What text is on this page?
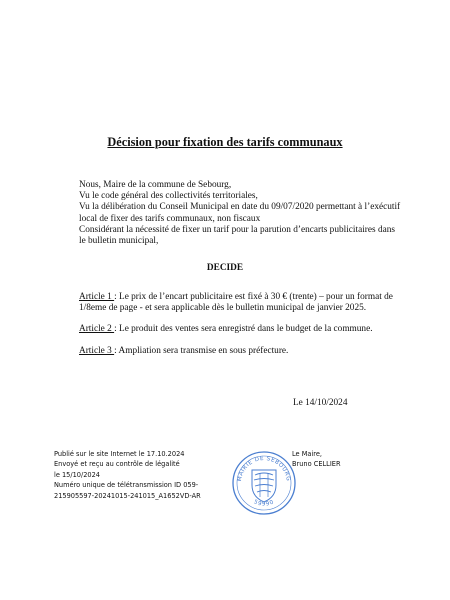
Décision pour fixation des tarifs communaux
Nous, Maire de la commune de Sebourg,
Vu le code général des collectivités territoriales,
Vu la délibération du Conseil Municipal en date du 09/07/2020 permettant à l’exécutif
local de fixer des tarifs communaux, non fiscaux
Considérant la nécessité de fixer un tarif pour la parution d’encarts publicitaires dans
le bulletin municipal,
DECIDE
Article 1 : Le prix de l’encart publicitaire est fixé à 30 € (trente) – pour un format de
1/8eme de page - et sera applicable dès le bulletin municipal de janvier 2025.
Article 2 : Le produit des ventes sera enregistré dans le budget de la commune.
Article 3 : Ampliation sera transmise en sous préfecture.
Le 14/10/2024
Publié sur le site Internet le 17.10.2024
Envoyé et reçu au contrôle de légalité
le 15/10/2024
Numéro unique de télétransmission ID 059-
215905597-20241015-241015_A1652VD-AR
MAIRIE DE SEBOURG
59990
Le Maire,
Bruno CELLIER
